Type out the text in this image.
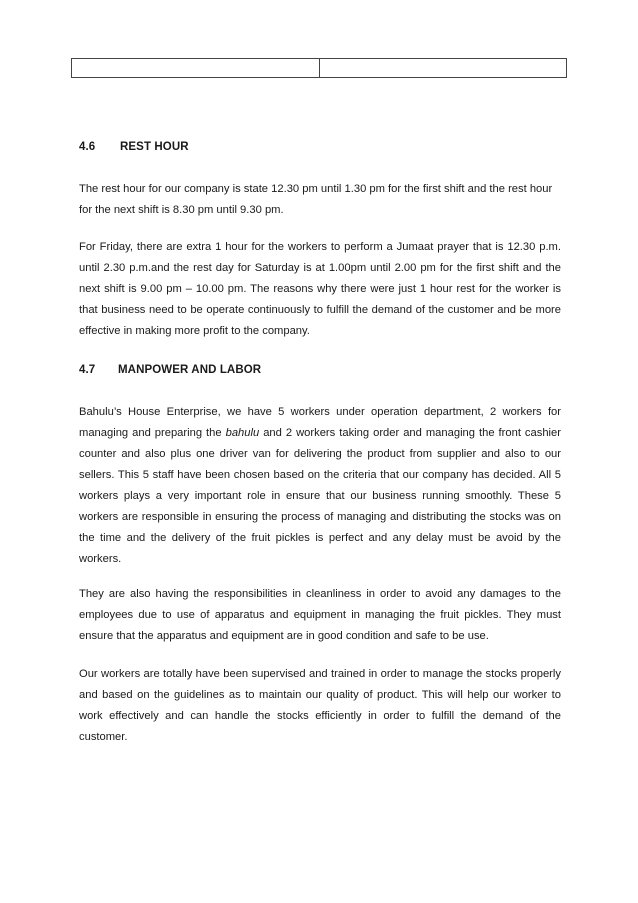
4.6 REST HOUR

The rest hour for our company is state 12.30 pm until 1.30 pm for the first shift and the rest hour for the next shift is 8.30 pm until 9.30 pm.

For Friday, there are extra 1 hour for the workers to perform a Jumaat prayer that is 12.30 p.m. until 2.30 p.m.and the rest day for Saturday is at 1.00pm until 2.00 pm for the first shift and the next shift is 9.00 pm – 10.00 pm. The reasons why there were just 1 hour rest for the worker is that business need to be operate continuously to fulfill the demand of the customer and be more effective in making more profit to the company.

4.7 MANPOWER AND LABOR

Bahulu’s House Enterprise, we have 5 workers under operation department, 2 workers for managing and preparing the bahulu and 2 workers taking order and managing the front cashier counter and also plus one driver van for delivering the product from supplier and also to our sellers. This 5 staff have been chosen based on the criteria that our company has decided. All 5 workers plays a very important role in ensure that our business running smoothly. These 5 workers are responsible in ensuring the process of managing and distributing the stocks was on the time and the delivery of the fruit pickles is perfect and any delay must be avoid by the workers.

They are also having the responsibilities in cleanliness in order to avoid any damages to the employees due to use of apparatus and equipment in managing the fruit pickles. They must ensure that the apparatus and equipment are in good condition and safe to be use.

Our workers are totally have been supervised and trained in order to manage the stocks properly and based on the guidelines as to maintain our quality of product. This will help our worker to work effectively and can handle the stocks efficiently in order to fulfill the demand of the customer.
